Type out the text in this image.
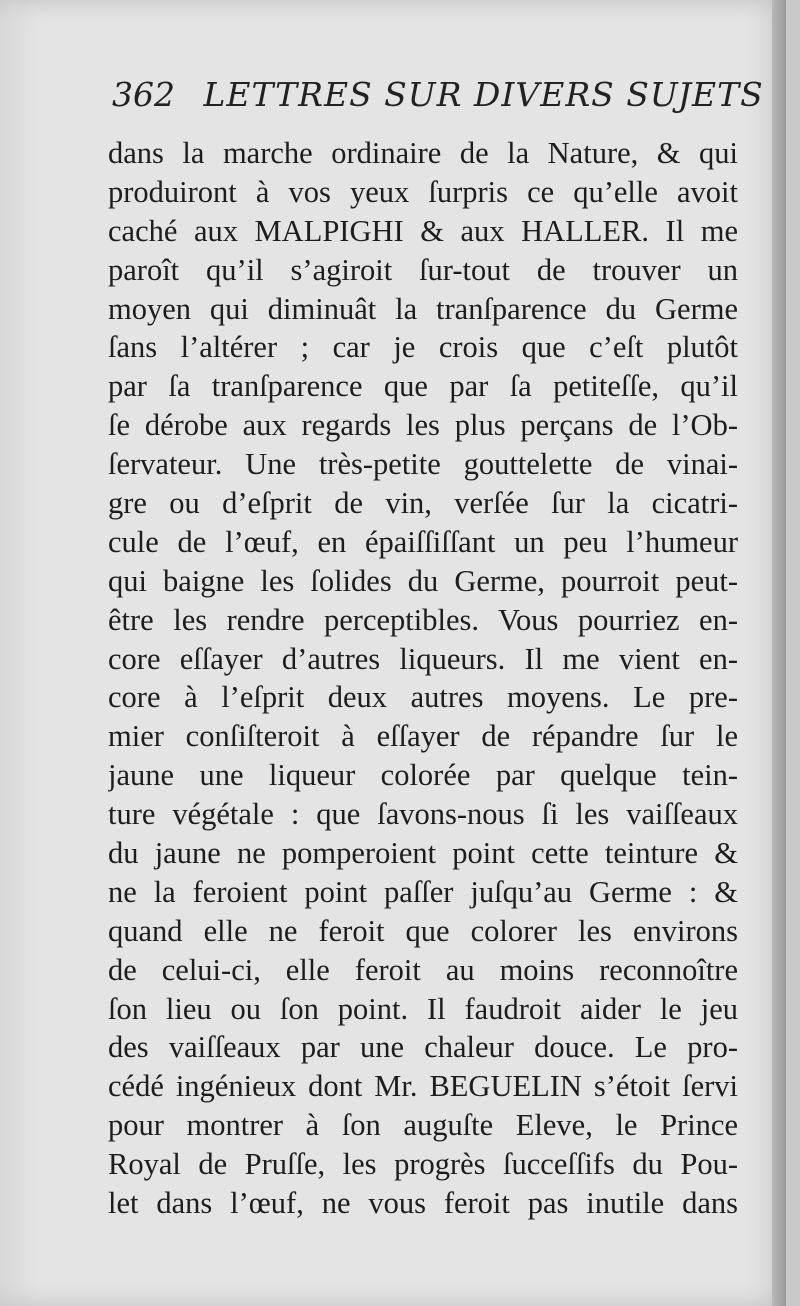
362 LETTRES SUR DIVERS SUJETS
dans la marche ordinaire de la Nature, & qui
produiront à vos yeux ſurpris ce qu’elle avoit
caché aux MALPIGHI & aux HALLER. Il me
paroît qu’il s’agiroit ſur-tout de trouver un
moyen qui diminuât la tranſparence du Germe
ſans l’altérer ; car je crois que c’eſt plutôt
par ſa tranſparence que par ſa petiteſſe, qu’il
ſe dérobe aux regards les plus perçans de l’Ob-
ſervateur. Une très-petite gouttelette de vinai-
gre ou d’eſprit de vin, verſée ſur la cicatri-
cule de l’œuf, en épaiſſiſſant un peu l’humeur
qui baigne les ſolides du Germe, pourroit peut-
être les rendre perceptibles. Vous pourriez en-
core eſſayer d’autres liqueurs. Il me vient en-
core à l’eſprit deux autres moyens. Le pre-
mier conſiſteroit à eſſayer de répandre ſur le
jaune une liqueur colorée par quelque tein-
ture végétale : que ſavons-nous ſi les vaiſſeaux
du jaune ne pomperoient point cette teinture &
ne la feroient point paſſer juſqu’au Germe : &
quand elle ne feroit que colorer les environs
de celui-ci, elle feroit au moins reconnoître
ſon lieu ou ſon point. Il faudroit aider le jeu
des vaiſſeaux par une chaleur douce. Le pro-
cédé ingénieux dont Mr. BEGUELIN s’étoit ſervi
pour montrer à ſon auguſte Eleve, le Prince
Royal de Pruſſe, les progrès ſucceſſifs du Pou-
let dans l’œuf, ne vous feroit pas inutile dans
